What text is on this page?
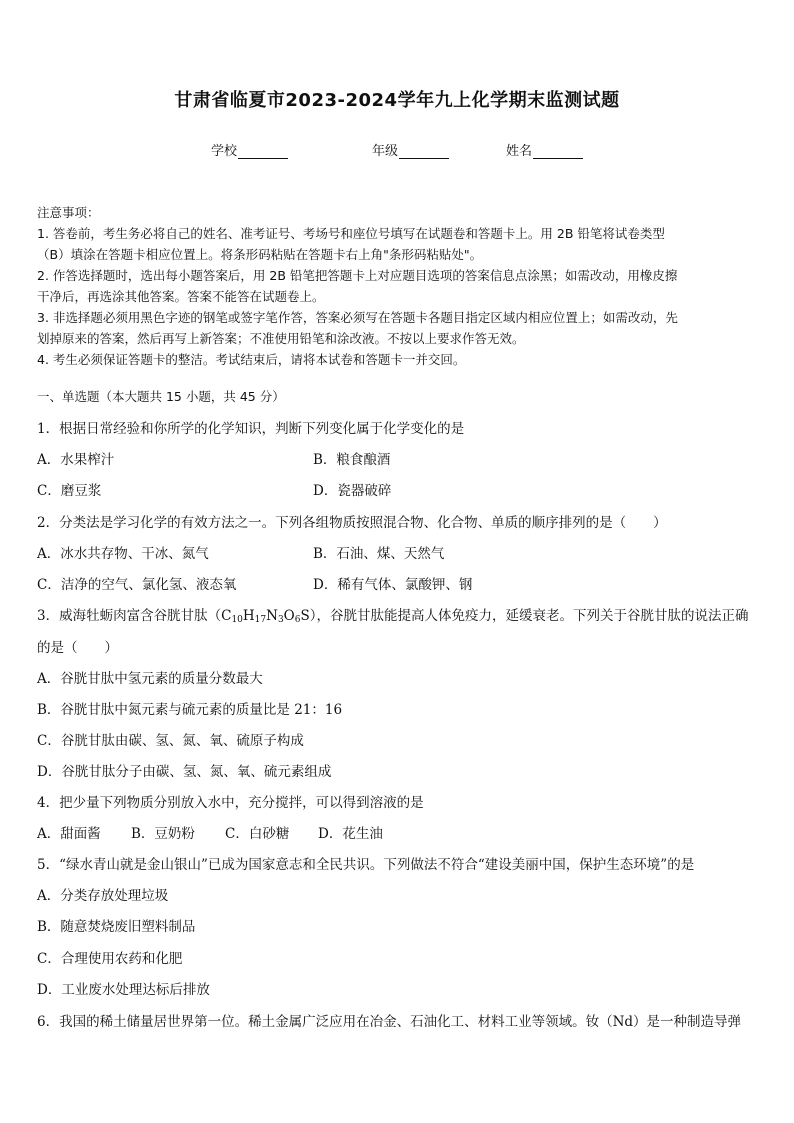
甘肃省临夏市2023-2024学年九上化学期末监测试题
学校	年级	姓名
注意事项：
1. 答卷前，考生务必将自己的姓名、准考证号、考场号和座位号填写在试题卷和答题卡上。用 2B 铅笔将试卷类型
（B）填涂在答题卡相应位置上。将条形码粘贴在答题卡右上角"条形码粘贴处"。
2. 作答选择题时，选出每小题答案后，用 2B 铅笔把答题卡上对应题目选项的答案信息点涂黑；如需改动，用橡皮擦
干净后，再选涂其他答案。答案不能答在试题卷上。
3. 非选择题必须用黑色字迹的钢笔或签字笔作答，答案必须写在答题卡各题目指定区域内相应位置上；如需改动，先
划掉原来的答案，然后再写上新答案；不准使用铅笔和涂改液。不按以上要求作答无效。
4. 考生必须保证答题卡的整洁。考试结束后，请将本试卷和答题卡一并交回。
一、单选题（本大题共 15 小题，共 45 分）
1．根据日常经验和你所学的化学知识，判断下列变化属于化学变化的是
A．水果榨汁	B．粮食酿酒
C．磨豆浆	D．瓷器破碎
2．分类法是学习化学的有效方法之一。下列各组物质按照混合物、化合物、单质的顺序排列的是（　　）
A．冰水共存物、干冰、氮气	B．石油、煤、天然气
C．洁净的空气、氯化氢、液态氧	D．稀有气体、氯酸钾、钢
3．威海牡蛎肉富含谷胱甘肽$(C_{10}H_{17}N_3O_6S)$，谷胱甘肽能提高人体免疫力，延缓衰老。下列关于谷胱甘肽的说法正确
的是（　　）
A．谷胱甘肽中氢元素的质量分数最大
B．谷胱甘肽中氮元素与硫元素的质量比是 21：16
C．谷胱甘肽由碳、氢、氮、氧、硫原子构成
D．谷胱甘肽分子由碳、氢、氮、氧、硫元素组成
4．把少量下列物质分别放入水中，充分搅拌，可以得到溶液的是
A．甜面酱 B．豆奶粉 C．白砂糖 D．花生油
5．“绿水青山就是金山银山”已成为国家意志和全民共识。下列做法不符合“建设美丽中国，保护生态环境”的是
A．分类存放处理垃圾
B．随意焚烧废旧塑料制品
C．合理使用农药和化肥
D．工业废水处理达标后排放
6．我国的稀土储量居世界第一位。稀土金属广泛应用在冶金、石油化工、材料工业等领域。钕（Nd）是一种制造导弹
